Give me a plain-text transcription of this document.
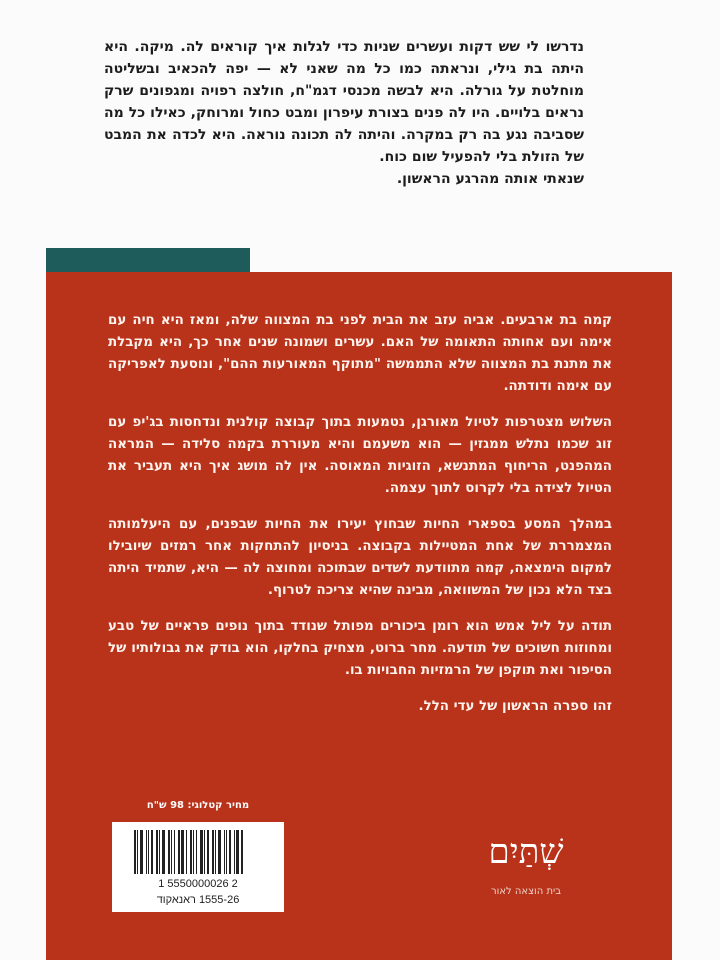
נדרשו לי שש דקות ועשרים שניות כדי לגלות איך קוראים לה. מיקה. היא היתה בת גילי, ונראתה כמו כל מה שאני לא — יפה להכאיב ובשליטה מוחלטת על גורלה. היא לבשה מכנסי דגמ"ח, חולצה רפויה ומגפונים שרק נראים בלויים. היו לה פנים בצורת עיפרון ומבט כחול ומרוחק, כאילו כל מה שסביבה נגע בה רק במקרה. והיתה לה תכונה נוראה. היא לכדה את המבט של הזולת בלי להפעיל שום כוח.

שנאתי אותה מהרגע הראשון.

קמה בת ארבעים. אביה עזב את הבית לפני בת המצווה שלה, ומאז היא חיה עם אימה ועם אחותה התאומה של האם. עשרים ושמונה שנים אחר כך, היא מקבלת את מתנת בת המצווה שלא התממשה "מתוקף המאורעות ההם", ונוסעת לאפריקה עם אימה ודודתה.

השלוש מצטרפות לטיול מאורגן, נטמעות בתוך קבוצה קולנית ונדחסות בג'יפ עם זוג שכמו נתלש ממגזין — הוא משעמם והיא מעוררת בקמה סלידה — המראה המהפנט, הריחוף המתנשא, הזוגיות המאוסה. אין לה מושג איך היא תעביר את הטיול לצידה בלי לקרוס לתוך עצמה.

במהלך המסע בספארי החיות שבחוץ יעירו את החיות שבפנים, עם היעלמותה המצמררת של אחת המטיילות בקבוצה. בניסיון להתחקות אחר רמזים שיובילו למקום הימצאה, קמה מתוודעת לשדים שבתוכה ומחוצה לה — היא, שתמיד היתה בצד הלא נכון של המשוואה, מבינה שהיא צריכה לטרוף.

תודה על ליל אמש הוא רומן ביכורים מפותל שנודד בתוך נופים פראיים של טבע ומחוזות חשוכים של תודעה. מחר ברוט, מצחיק בחלקו, הוא בודק את גבולותיו של הסיפור ואת תוקפן של הרמזיות החבויות בו.

זהו ספרה הראשון של עדי הלל.

מחיר קטלוגי: 98 ש"ח
1 5550000026 2
1555-26 ראנאקוד
שְׁתַּיִם
בית הוצאה לאור
